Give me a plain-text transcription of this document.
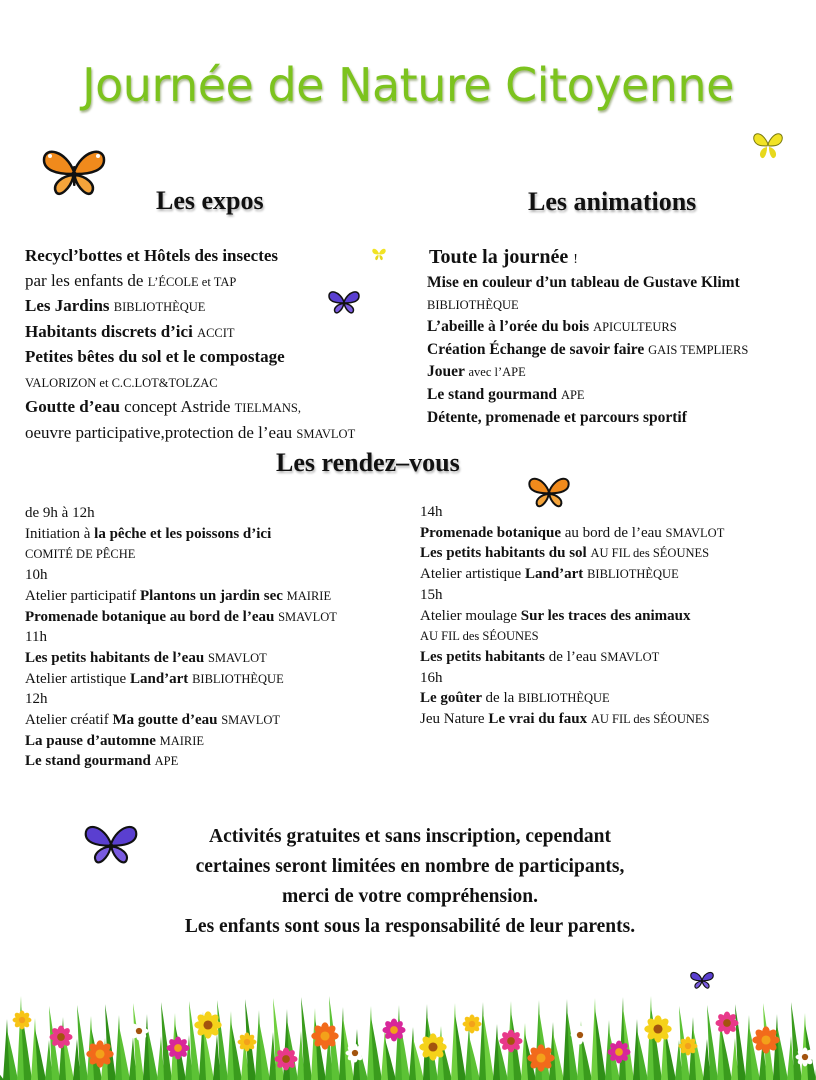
Journée de Nature Citoyenne
Les expos	Les animations
Recycl’bottes et Hôtels des insectes
par les enfants de L’ÉCOLE et TAP
Les Jardins BIBLIOTHÈQUE
Habitants discrets d’ici ACCIT
Petites bêtes du sol et le compostage
VALORIZON et C.C.LOT&TOLZAC
Goutte d’eau concept Astride TIELMANS,
oeuvre participative,protection de l’eau SMAVLOT
Toute la journée !
Mise en couleur d’un tableau de Gustave Klimt
BIBLIOTHÈQUE
L’abeille à l’orée du bois APICULTEURS
Création Échange de savoir faire GAIS TEMPLIERS
Jouer avec l’APE
Le stand gourmand APE
Détente, promenade et parcours sportif
Les rendez–vous
de 9h à 12h
Initiation à la pêche et les poissons d’ici
COMITÉ DE PÊCHE
10h
Atelier participatif Plantons un jardin sec MAIRIE
Promenade botanique au bord de l’eau SMAVLOT
11h
Les petits habitants de l’eau SMAVLOT
Atelier artistique Land’art BIBLIOTHÈQUE
12h
Atelier créatif Ma goutte d’eau SMAVLOT
La pause d’automne MAIRIE
Le stand gourmand APE
14h
Promenade botanique au bord de l’eau SMAVLOT
Les petits habitants du sol AU FIL des SÉOUNES
Atelier artistique Land’art BIBLIOTHÈQUE
15h
Atelier moulage Sur les traces des animaux
AU FIL des SÉOUNES
Les petits habitants de l’eau SMAVLOT
16h
Le goûter de la BIBLIOTHÈQUE
Jeu Nature Le vrai du faux AU FIL des SÉOUNES
Activités gratuites et sans inscription, cependant
certaines seront limitées en nombre de participants,
merci de votre compréhension.
Les enfants sont sous la responsabilité de leur parents.
